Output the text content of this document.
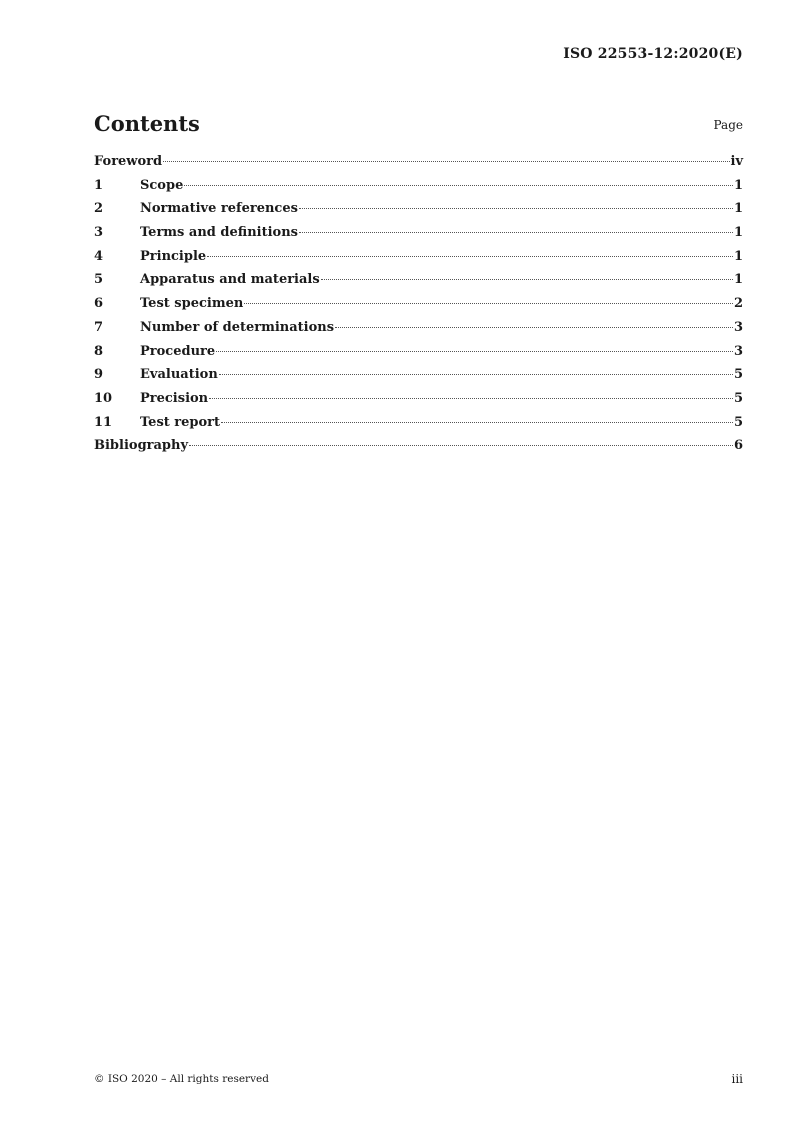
ISO 22553-12:2020(E)
Contents	Page
Foreword	iv
1	Scope	1
2	Normative references	1
3	Terms and definitions	1
4	Principle	1
5	Apparatus and materials	1
6	Test specimen	2
7	Number of determinations	3
8	Procedure	3
9	Evaluation	5
10	Precision	5
11	Test report	5
Bibliography	6
© ISO 2020 – All rights reserved	iii
